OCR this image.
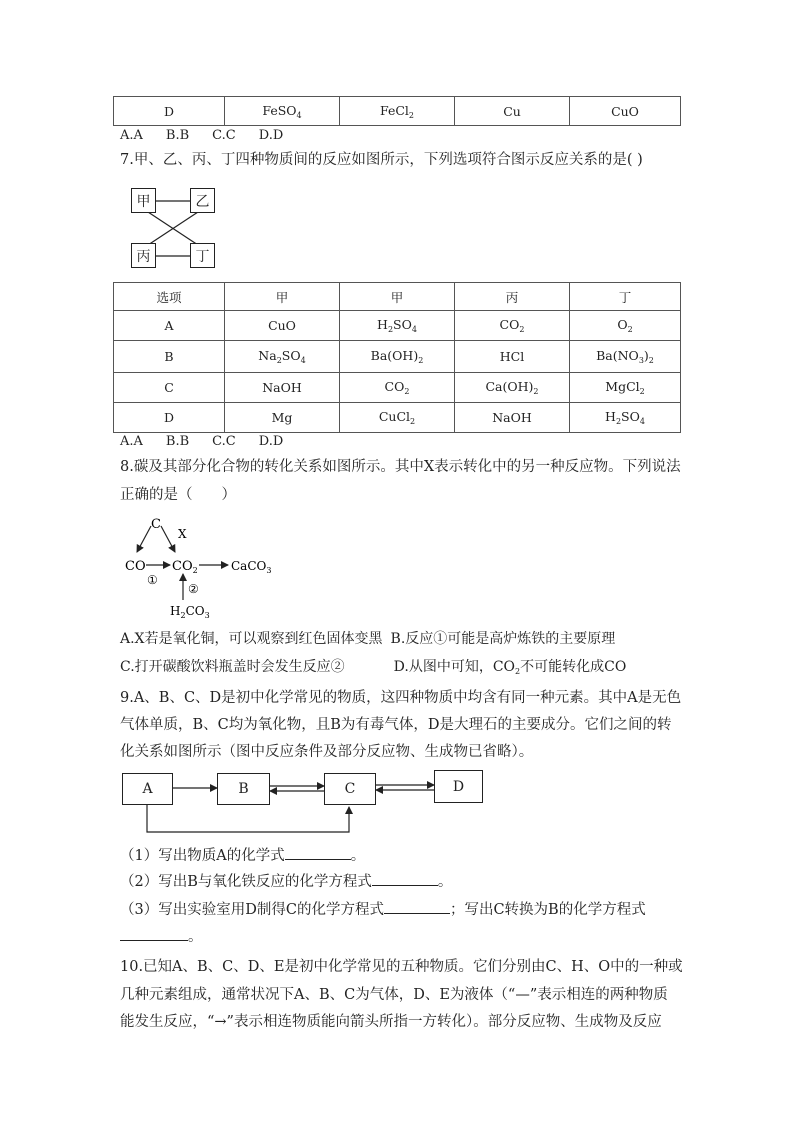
D	FeSO$_4$	FeCl$_2$	Cu	CuO
A.A B.B C.C D.D
7.甲、乙、丙、丁四种物质间的反应如图所示，下列选项符合图示反应关系的是( )
甲	乙
丙	丁
选项	甲	甲	丙	丁
A	CuO	$H_2SO_4$	$CO_2$	$O_2$
B	$Na_2SO_4$	$Ba(OH)_2$	HCl	$Ba(NO_3)_2$
C	NaOH	$CO_2$	$Ca(OH)_2$	MgCl$_2$
D	Mg	CuCl$_2$	NaOH	$H_2SO_4$
A.A B.B C.C D.D
8.碳及其部分化合物的转化关系如图所示。其中X表示转化中的另一种反应物。下列说法
正确的是（　　）
C
X
CO
①
$CO_2$	CaCO$_3$
②
$H_2CO_3$
A.X若是氧化铜，可以观察到红色固体变黑 B.反应①可能是高炉炼铁的主要原理
C.打开碳酸饮料瓶盖时会发生反应②	D.从图中可知，$CO_2$不可能转化成CO
9.A、B、C、D是初中化学常见的物质，这四种物质中均含有同一种元素。其中A是无色
气体单质，B、C均为氧化物，且B为有毒气体，D是大理石的主要成分。它们之间的转
化关系如图所示（图中反应条件及部分反应物、生成物已省略）。
A	B	C	D
（1）写出物质A的化学式	。
（2）写出B与氧化铁反应的化学方程式	。
（3）写出实验室用D制得C的化学方程式	；写出C转换为B的化学方程式
。
10.已知A、B、C、D、E是初中化学常见的五种物质。它们分别由C、H、O中的一种或
几种元素组成，通常状况下A、B、C为气体，D、E为液体（“—”表示相连的两种物质
能发生反应，“→”表示相连物质能向箭头所指一方转化）。部分反应物、生成物及反应
